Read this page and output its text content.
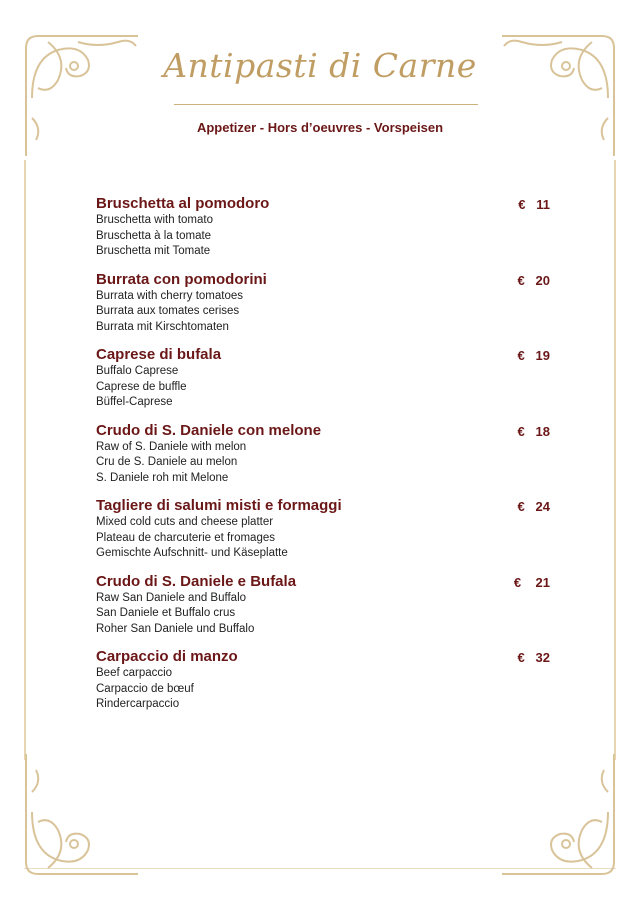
Antipasti di Carne
Appetizer - Hors d’oeuvres - Vorspeisen
Bruschetta al pomodoro
Bruschetta with tomato
Bruschetta à la tomate
Bruschetta mit Tomate
€   11
Burrata con pomodorini
Burrata with cherry tomatoes
Burrata aux tomates cerises
Burrata mit Kirschtomaten
€   20
Caprese di bufala
Buffalo Caprese
Caprese de buffle
Büffel-Caprese
€   19
Crudo di S. Daniele con melone
Raw of S. Daniele with melon
Cru de S. Daniele au melon
S. Daniele roh mit Melone
€   18
Tagliere di salumi misti e formaggi
Mixed cold cuts and cheese platter
Plateau de charcuterie et fromages
Gemischte Aufschnitt- und Käseplatte
€   24
Crudo di S. Daniele e Bufala
Raw San Daniele and Buffalo
San Daniele et Buffalo crus
Roher San Daniele und Buffalo
€    21
Carpaccio di manzo
Beef carpaccio
Carpaccio de bœuf
Rindercarpaccio
€   32
